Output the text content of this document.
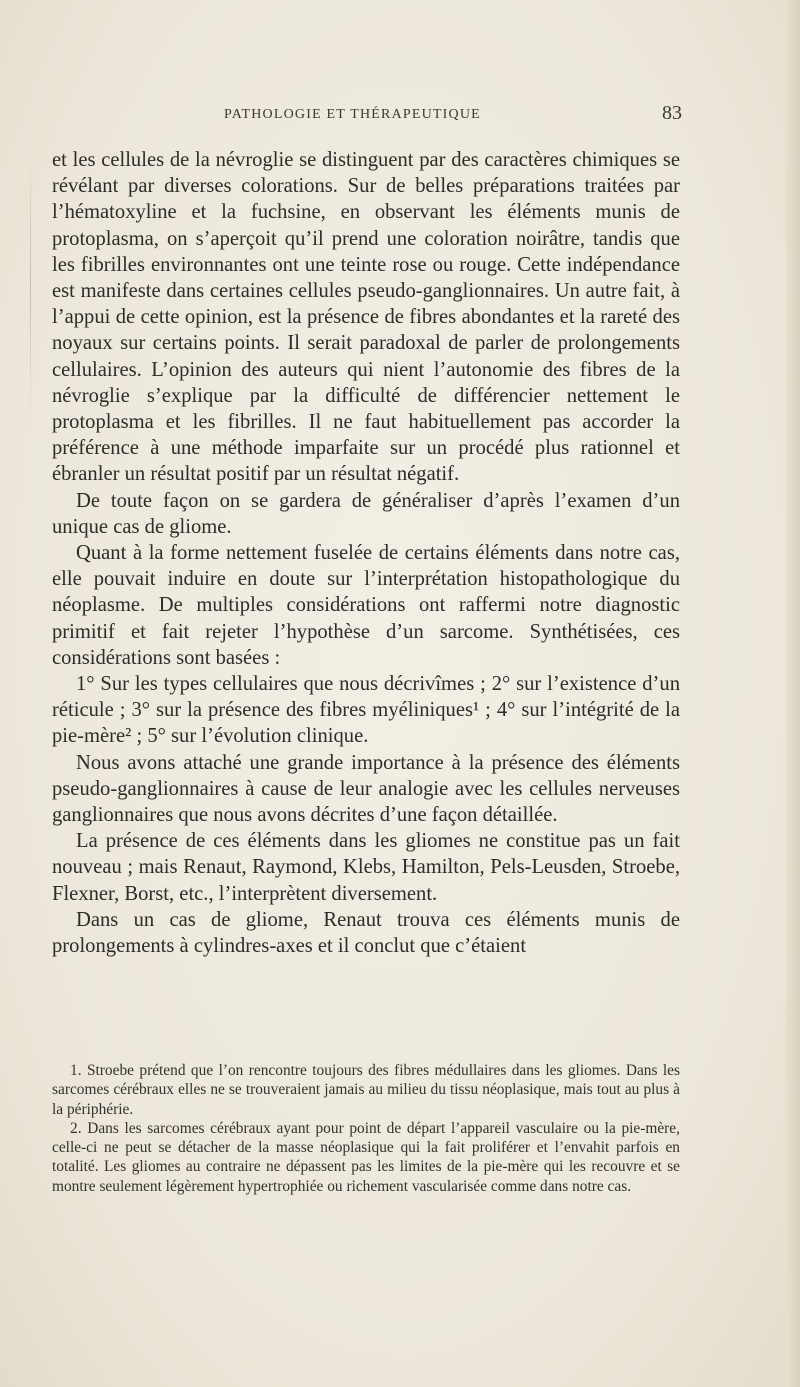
PATHOLOGIE ET THÉRAPEUTIQUE	83

et les cellules de la névroglie se distinguent par des caractères chimiques se révélant par diverses colorations. Sur de belles préparations traitées par l’hématoxyline et la fuchsine, en observant les éléments munis de protoplasma, on s’aperçoit qu’il prend une coloration noirâtre, tandis que les fibrilles environnantes ont une teinte rose ou rouge. Cette indépendance est manifeste dans certaines cellules pseudo-ganglionnaires. Un autre fait, à l’appui de cette opinion, est la présence de fibres abondantes et la rareté des noyaux sur certains points. Il serait paradoxal de parler de prolongements cellulaires. L’opinion des auteurs qui nient l’autonomie des fibres de la névroglie s’explique par la difficulté de différencier nettement le protoplasma et les fibrilles. Il ne faut habituellement pas accorder la préférence à une méthode imparfaite sur un procédé plus rationnel et ébranler un résultat positif par un résultat négatif.

De toute façon on se gardera de généraliser d’après l’examen d’un unique cas de gliome.

Quant à la forme nettement fuselée de certains éléments dans notre cas, elle pouvait induire en doute sur l’interprétation histopathologique du néoplasme. De multiples considérations ont raffermi notre diagnostic primitif et fait rejeter l’hypothèse d’un sarcome. Synthétisées, ces considérations sont basées :

1° Sur les types cellulaires que nous décrivîmes ; 2° sur l’existence d’un réticule ; 3° sur la présence des fibres myéliniques¹ ; 4° sur l’intégrité de la pie-mère² ; 5° sur l’évolution clinique.

Nous avons attaché une grande importance à la présence des éléments pseudo-ganglionnaires à cause de leur analogie avec les cellules nerveuses ganglionnaires que nous avons décrites d’une façon détaillée.

La présence de ces éléments dans les gliomes ne constitue pas un fait nouveau ; mais Renaut, Raymond, Klebs, Hamilton, Pels-Leusden, Stroebe, Flexner, Borst, etc., l’interprètent diversement.

Dans un cas de gliome, Renaut trouva ces éléments munis de prolongements à cylindres-axes et il conclut que c’étaient

1. Stroebe prétend que l’on rencontre toujours des fibres médullaires dans les gliomes. Dans les sarcomes cérébraux elles ne se trouveraient jamais au milieu du tissu néoplasique, mais tout au plus à la périphérie.

2. Dans les sarcomes cérébraux ayant pour point de départ l’appareil vasculaire ou la pie-mère, celle-ci ne peut se détacher de la masse néoplasique qui la fait proliférer et l’envahit parfois en totalité. Les gliomes au contraire ne dépassent pas les limites de la pie-mère qui les recouvre et se montre seulement légèrement hypertrophiée ou richement vascularisée comme dans notre cas.
